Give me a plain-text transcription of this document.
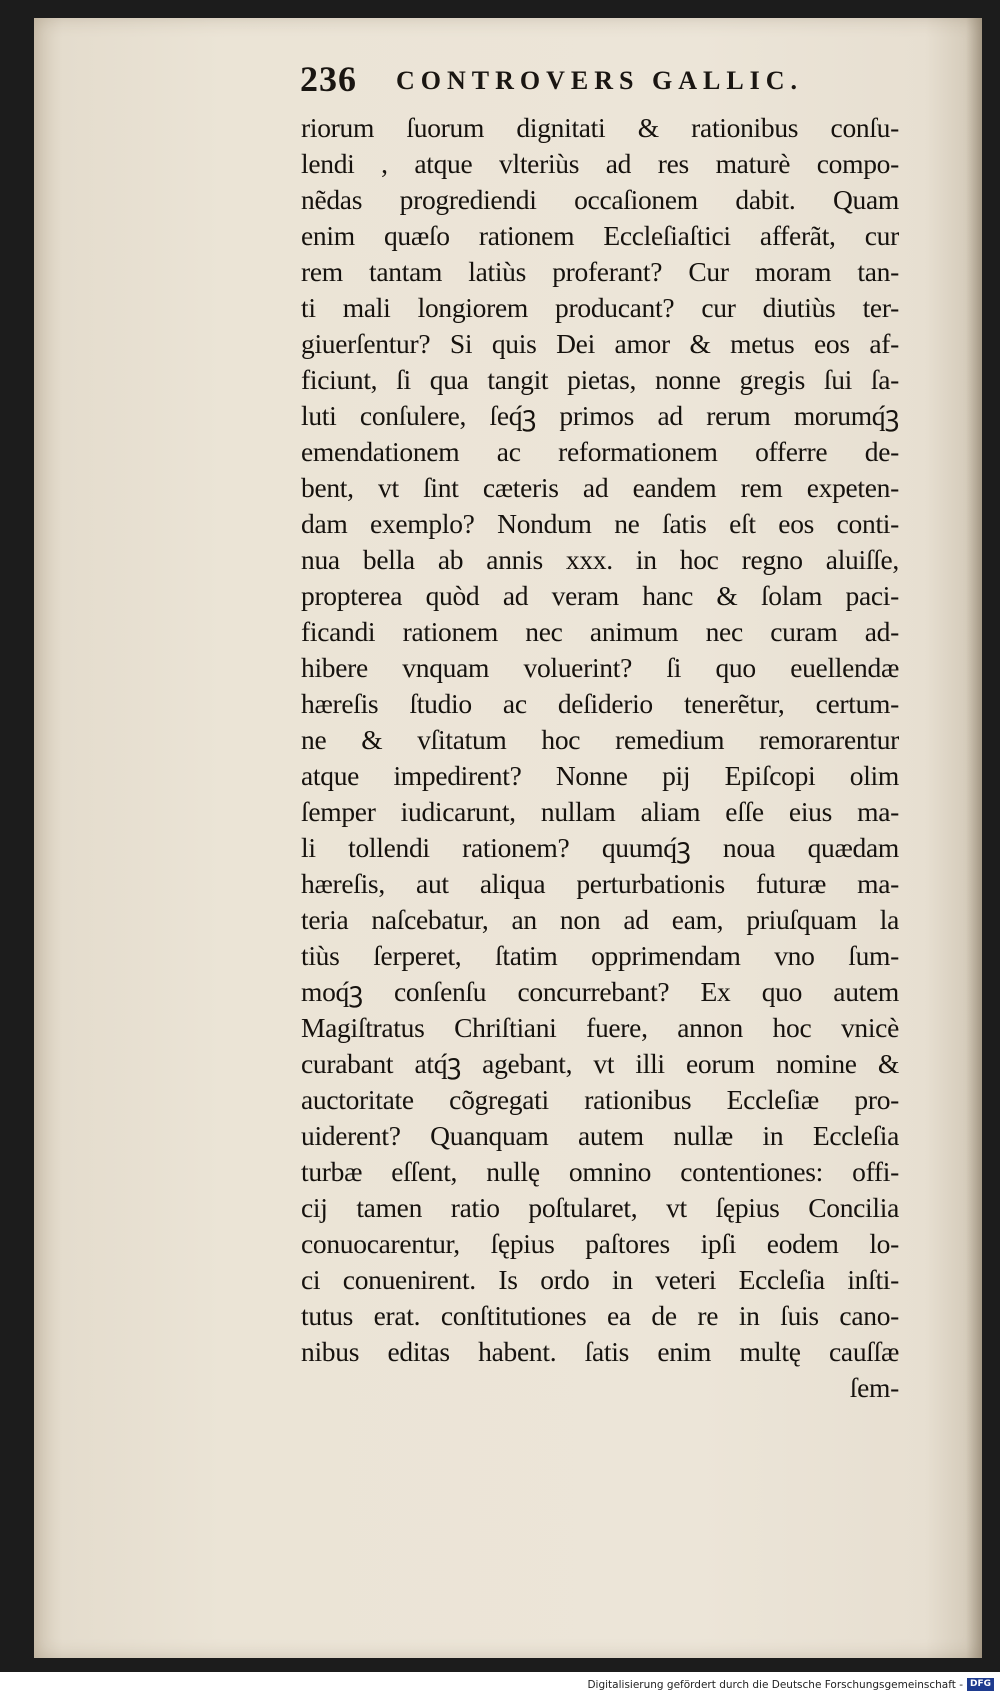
236 CONTROVERS GALLIC.
riorum ſuorum dignitati & rationibus conſu-
lendi , atque vlteriùs ad res maturè compo-
nẽdas progrediendi occaſionem dabit. Quam
enim quæſo rationem Eccleſiaſtici afferãt, cur
rem tantam latiùs proferant? Cur moram tan-
ti mali longiorem producant? cur diutiùs ter-
giuerſentur? Si quis Dei amor & metus eos af-
ficiunt, ſi qua tangit pietas, nonne gregis ſui ſa-
luti conſulere, ſeq́ꝫ primos ad rerum morumq́ꝫ
emendationem ac reformationem offerre de-
bent, vt ſint cæteris ad eandem rem expeten-
dam exemplo? Nondum ne ſatis eſt eos conti-
nua bella ab annis xxx. in hoc regno aluiſſe,
propterea quòd ad veram hanc & ſolam paci-
ficandi rationem nec animum nec curam ad-
hibere vnquam voluerint? ſi quo euellendæ
hæreſis ſtudio ac deſiderio tenerẽtur, certum-
ne & vſitatum hoc remedium remorarentur
atque impedirent? Nonne pij Epiſcopi olim
ſemper iudicarunt, nullam aliam eſſe eius ma-
li tollendi rationem? quumq́ꝫ noua quædam
hæreſis, aut aliqua perturbationis futuræ ma-
teria naſcebatur, an non ad eam, priuſquam la
tiùs ſerperet, ſtatim opprimendam vno ſum-
moq́ꝫ conſenſu concurrebant? Ex quo autem
Magiſtratus Chriſtiani fuere, annon hoc vnicè
curabant atq́ꝫ agebant, vt illi eorum nomine &
auctoritate cõgregati rationibus Eccleſiæ pro-
uiderent? Quanquam autem nullæ in Eccleſia
turbæ eſſent, nullę omnino contentiones: offi-
cij tamen ratio poſtularet, vt ſępius Concilia
conuocarentur, ſępius paſtores ipſi eodem lo-
ci conuenirent. Is ordo in veteri Eccleſia inſti-
tutus erat. conſtitutiones ea de re in ſuis cano-
nibus editas habent. ſatis enim multę cauſſæ
ſem-
Digitalisierung gefördert durch die Deutsche Forschungsgemeinschaft - DFG
